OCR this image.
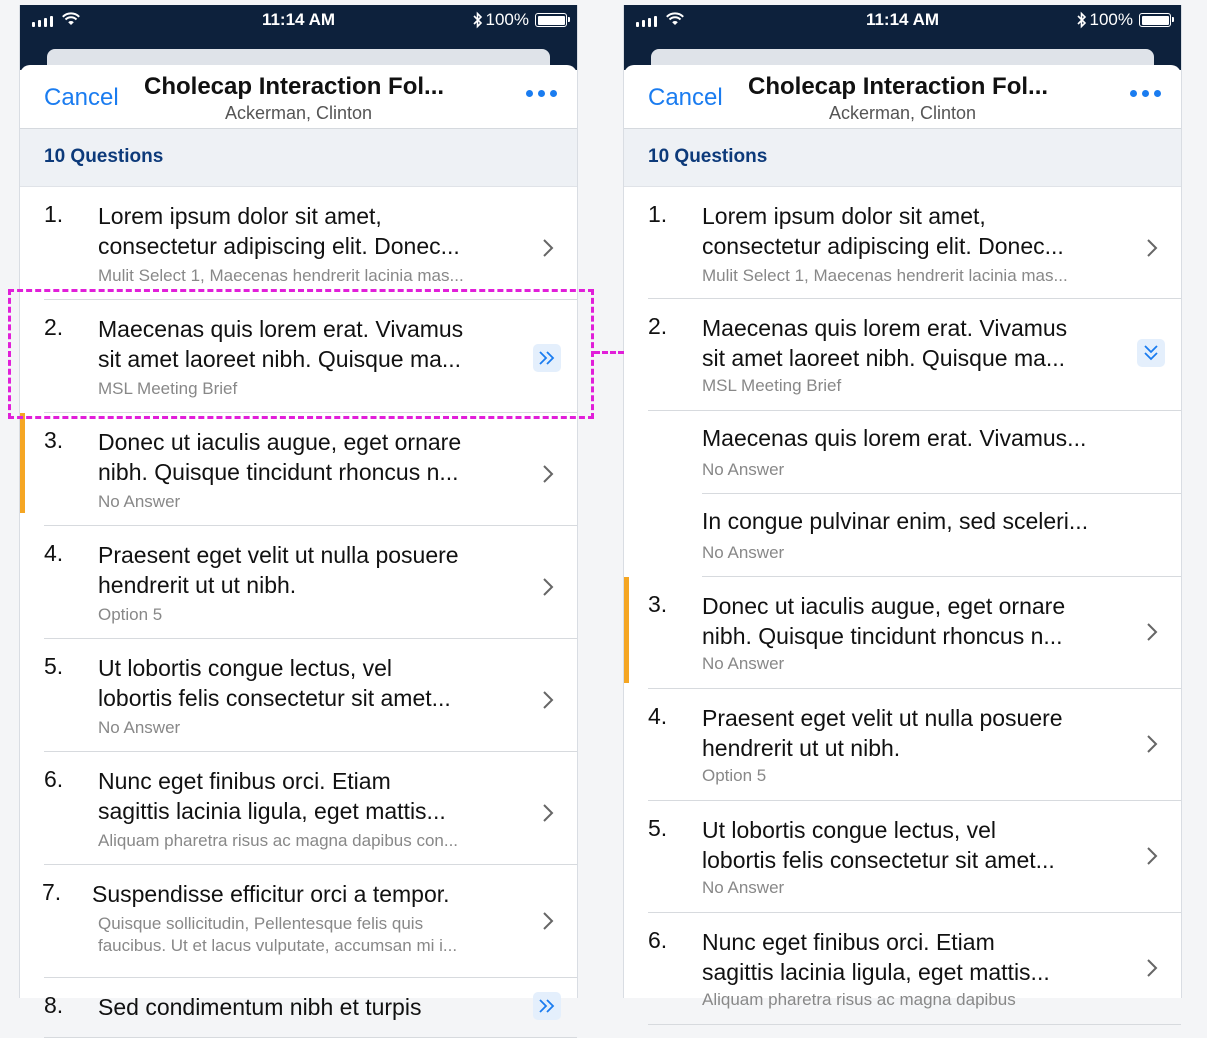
11:14 AM	100%
Cancel Cholecap Interaction Fol...
Ackerman, Clinton
10 Questions
1. Lorem ipsum dolor sit amet,
consectetur adipiscing elit. Donec...
Mulit Select 1, Maecenas hendrerit lacinia mas...
2. Maecenas quis lorem erat. Vivamus
sit amet laoreet nibh. Quisque ma...
MSL Meeting Brief
3. Donec ut iaculis augue, eget ornare
nibh. Quisque tincidunt rhoncus n...
No Answer
4. Praesent eget velit ut nulla posuere
hendrerit ut ut nibh.
Option 5
5. Ut lobortis congue lectus, vel
lobortis felis consectetur sit amet...
No Answer
6. Nunc eget finibus orci. Etiam
sagittis lacinia ligula, eget mattis...
Aliquam pharetra risus ac magna dapibus con...
7. Suspendisse efficitur orci a tempor.
Quisque sollicitudin, Pellentesque felis quis
faucibus. Ut et lacus vulputate, accumsan mi i...
8. Sed condimentum nibh et turpis
11:14 AM	100%
Cancel Cholecap Interaction Fol...
Ackerman, Clinton
10 Questions
1. Lorem ipsum dolor sit amet,
consectetur adipiscing elit. Donec...
Mulit Select 1, Maecenas hendrerit lacinia mas...
2. Maecenas quis lorem erat. Vivamus
sit amet laoreet nibh. Quisque ma...
MSL Meeting Brief
Maecenas quis lorem erat. Vivamus...
No Answer
In congue pulvinar enim, sed sceleri...
No Answer
3. Donec ut iaculis augue, eget ornare
nibh. Quisque tincidunt rhoncus n...
No Answer
4. Praesent eget velit ut nulla posuere
hendrerit ut ut nibh.
Option 5
5. Ut lobortis congue lectus, vel
lobortis felis consectetur sit amet...
No Answer
6. Nunc eget finibus orci. Etiam
sagittis lacinia ligula, eget mattis...
Aliquam pharetra risus ac magna dapibus
